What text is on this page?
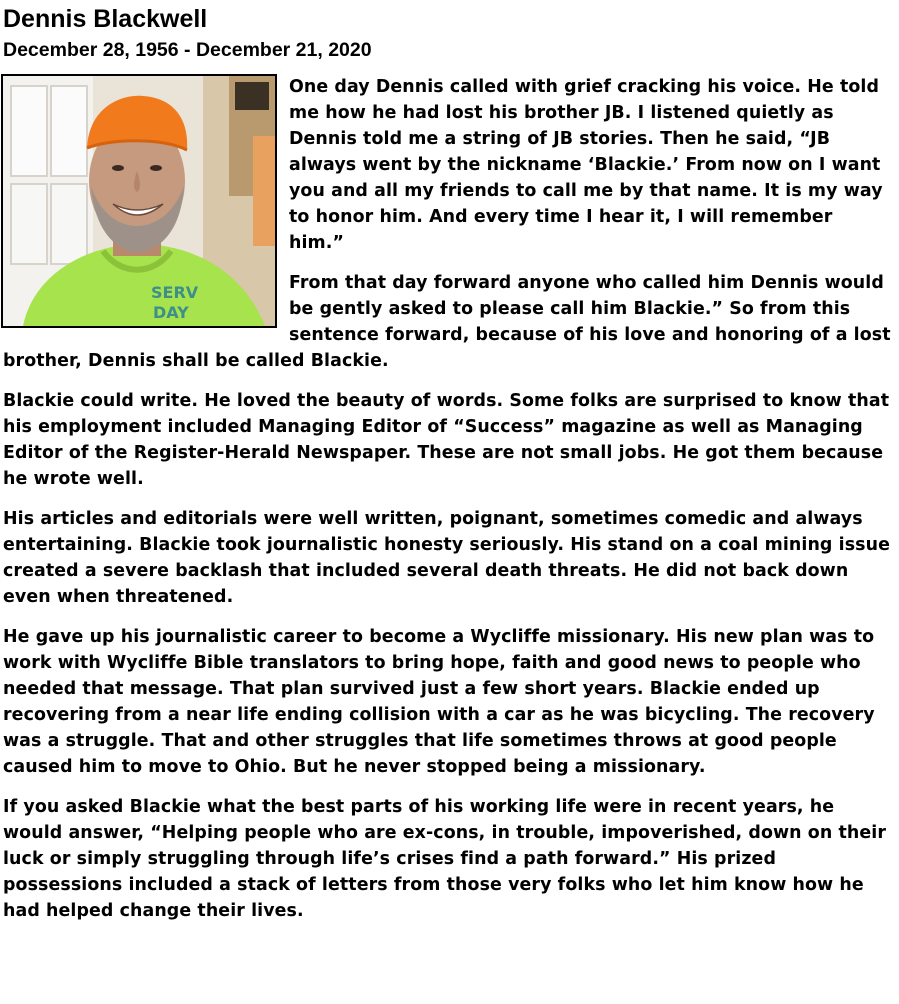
Dennis Blackwell
December 28, 1956 - December 21, 2020
SERV
DAY

One day Dennis called with grief cracking his voice. He told me how he had lost his brother JB. I listened quietly as Dennis told me a string of JB stories. Then he said, “JB always went by the nickname ‘Blackie.’ From now on I want you and all my friends to call me by that name. It is my way to honor him. And every time I hear it, I will remember him.”

From that day forward anyone who called him Dennis would be gently asked to please call him Blackie.” So from this sentence forward, because of his love and honoring of a lost brother, Dennis shall be called Blackie.

Blackie could write. He loved the beauty of words. Some folks are surprised to know that his employment included Managing Editor of “Success” magazine as well as Managing Editor of the Register-Herald Newspaper. These are not small jobs. He got them because he wrote well.

His articles and editorials were well written, poignant, sometimes comedic and always entertaining. Blackie took journalistic honesty seriously. His stand on a coal mining issue created a severe backlash that included several death threats. He did not back down even when threatened.

He gave up his journalistic career to become a Wycliffe missionary. His new plan was to work with Wycliffe Bible translators to bring hope, faith and good news to people who needed that message. That plan survived just a few short years. Blackie ended up recovering from a near life ending collision with a car as he was bicycling. The recovery was a struggle. That and other struggles that life sometimes throws at good people caused him to move to Ohio. But he never stopped being a missionary.

If you asked Blackie what the best parts of his working life were in recent years, he would answer, “Helping people who are ex-cons, in trouble, impoverished, down on their luck or simply struggling through life’s crises find a path forward.” His prized possessions included a stack of letters from those very folks who let him know how he had helped change their lives.
